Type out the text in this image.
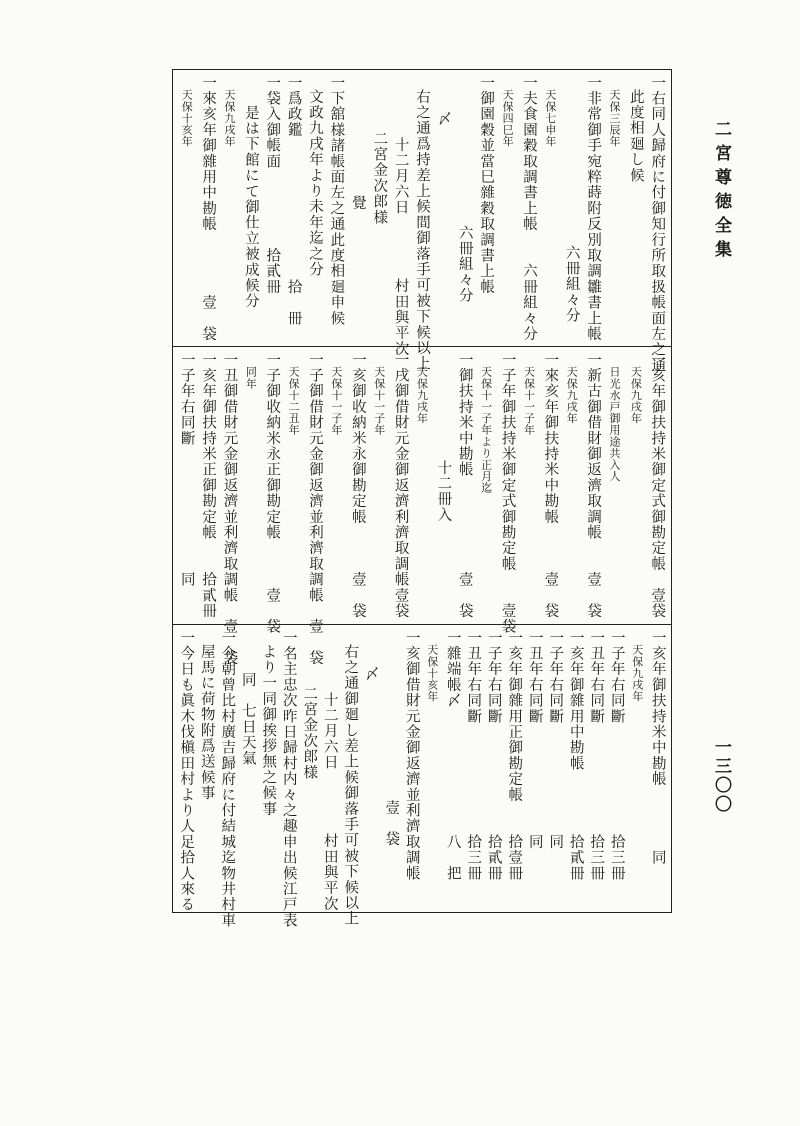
二宮尊徳全集
一三〇〇
一右同人歸府に付御知行所取扱帳面左之通
此度相廻し候
天保三辰年
一非常御手宛粹蒔附反別取調雛書上帳
六冊組々分
天保七申年
一夫食園穀取調書上帳　　六冊組々分
天保四巳年
一御園穀並當巳雜穀取調書上帳
六冊組々分
〆
右之通爲持差上候間御落手可被下候以上
十二月六日　　　　村田與平次
二宮金次郎様
覺
一下舘様諸帳面左之通此度相廻申候
文政九戌年より未年迄之分
一爲政鑑　　　　　　　　　拾　冊
一袋入御帳面　　　　　拾貳冊
是は下館にて御仕立被成候分
天保九戌年
一來亥年御雜用中勘帳　　　　壹　袋
天保十亥年
一亥年御扶持米御定式御勘定帳　壹袋
天保九戌年
日光水戸御用途共入人
一新古御借財御返濟取調帳　　壹　袋
天保九戌年
一來亥年御扶持米中勘帳　　　壹　袋
天保十一子年
一子年御扶持米御定式御勘定帳　　壹袋
天保十一子年より正月迄
一御扶持米中勘帳　　　　　　壹　袋
十二冊入
天保九戌年
一戌御借財元金御返濟利濟取調帳壹袋
天保十一子年
一亥御收納米永御勘定帳　　　壹　袋
天保十一子年
一子御借財元金御返濟並利濟取調帳　壹　袋
天保十二丑年
一子御收納米永正御勘定帳　　　壹　袋
同年
一丑御借財元金御返濟並利濟取調帳　壹　袋
一亥年御扶持米正御勘定帳　　拾貳冊
一子年右同斷　　　　　　　　同
一亥年御扶持米中勘帳　　　　同
天保九戌年
一子年右同斷　　　　　　　拾三冊
一丑年右同斷　　　　　　　拾三冊
一亥年御雜用中勘帳　　　　拾貳冊
一子年右同斷　　　　　　　同
一丑年右同斷　　　　　　　同
一亥年御雜用正御勘定帳　　拾壹冊
一子年右同斷　　　　　　　拾貳冊
一丑年右同斷　　　　　　　拾三冊
一雜端帳〆　　　　　　　　八　把
天保十亥年
一亥御借財元金御返濟並利濟取調帳
壹　袋
〆
右之通御廻し差上候御落手可被下候以上
十二月六日　　　　村田與平次
二宮金次郎様
一名主忠次昨日歸村内々之趣申出候江戸表
より一同御挨拶無之候事
同　七日天氣
一今朝曾比村廣吉歸府に付結城迄物井村車
屋馬に荷物附爲送候事
一今日も眞木伐槇田村より人足拾人來る
